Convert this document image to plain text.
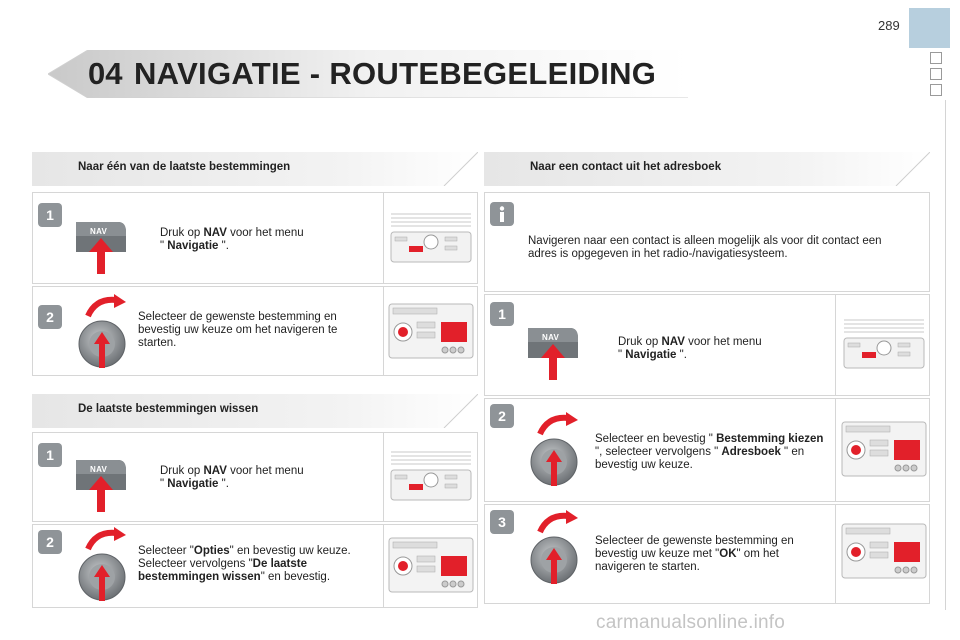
289
04 NAVIGATIE - ROUTEBEGELEIDING
Naar één van de laatste bestemmingen
1
NAV	Druk op NAV voor het menu
" Navigatie ".
2	Selecteer de gewenste bestemming en bevestig uw keuze om het navigeren te starten.
De laatste bestemmingen wissen
1
NAV	Druk op NAV voor het menu
" Navigatie ".
2
Selecteer "Opties" en bevestig uw keuze. Selecteer vervolgens "De laatste bestemmingen wissen" en bevestig.
Naar een contact uit het adresboek
Navigeren naar een contact is alleen mogelijk als voor dit contact een adres is opgegeven in het radio-/navigatiesysteem.
1
NAV	Druk op NAV voor het menu
" Navigatie ".
2
Selecteer en bevestig " Bestemming kiezen ", selecteer vervolgens " Adresboek " en bevestig uw keuze.
3
Selecteer de gewenste bestemming en bevestig uw keuze met "OK" om het navigeren te starten.
carmanualsonline.info
